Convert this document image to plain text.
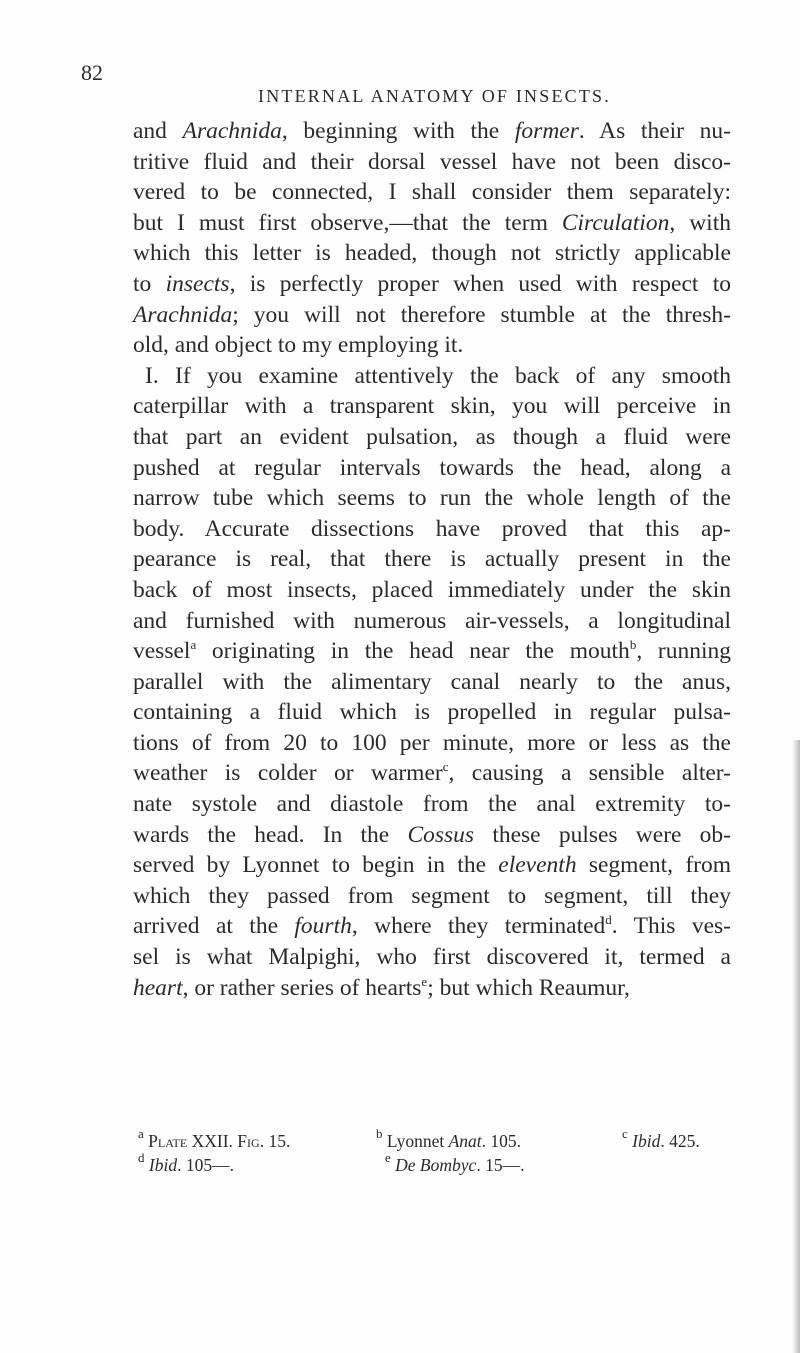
82
INTERNAL ANATOMY OF INSECTS.
and Arachnida, beginning with the former. As their nu-
tritive fluid and their dorsal vessel have not been disco-
vered to be connected, I shall consider them separately:
but I must first observe,—that the term Circulation, with
which this letter is headed, though not strictly applicable
to insects, is perfectly proper when used with respect to
Arachnida; you will not therefore stumble at the thresh-
old, and object to my employing it.
I. If you examine attentively the back of any smooth
caterpillar with a transparent skin, you will perceive in
that part an evident pulsation, as though a fluid were
pushed at regular intervals towards the head, along a
narrow tube which seems to run the whole length of the
body. Accurate dissections have proved that this ap-
pearance is real, that there is actually present in the
back of most insects, placed immediately under the skin
and furnished with numerous air-vessels, a longitudinal
vessel$^a$ originating in the head near the mouth$^b$, running
parallel with the alimentary canal nearly to the anus,
containing a fluid which is propelled in regular pulsa-
tions of from 20 to 100 per minute, more or less as the
weather is colder or warmer$^c$, causing a sensible alter-
nate systole and diastole from the anal extremity to-
wards the head. In the Cossus these pulses were ob-
served by Lyonnet to begin in the eleventh segment, from
which they passed from segment to segment, till they
arrived at the fourth, where they terminated$^d$. This ves-
sel is what Malpighi, who first discovered it, termed a
heart, or rather series of hearts$^e$; but which Reaumur,
$^a$ Plate XXII. Fig. 15.	$^b$ Lyonnet Anat. 105.	$^c$ Ibid. 425.
$^d$ Ibid. 105—.	$^e$ De Bombyc. 15—.
